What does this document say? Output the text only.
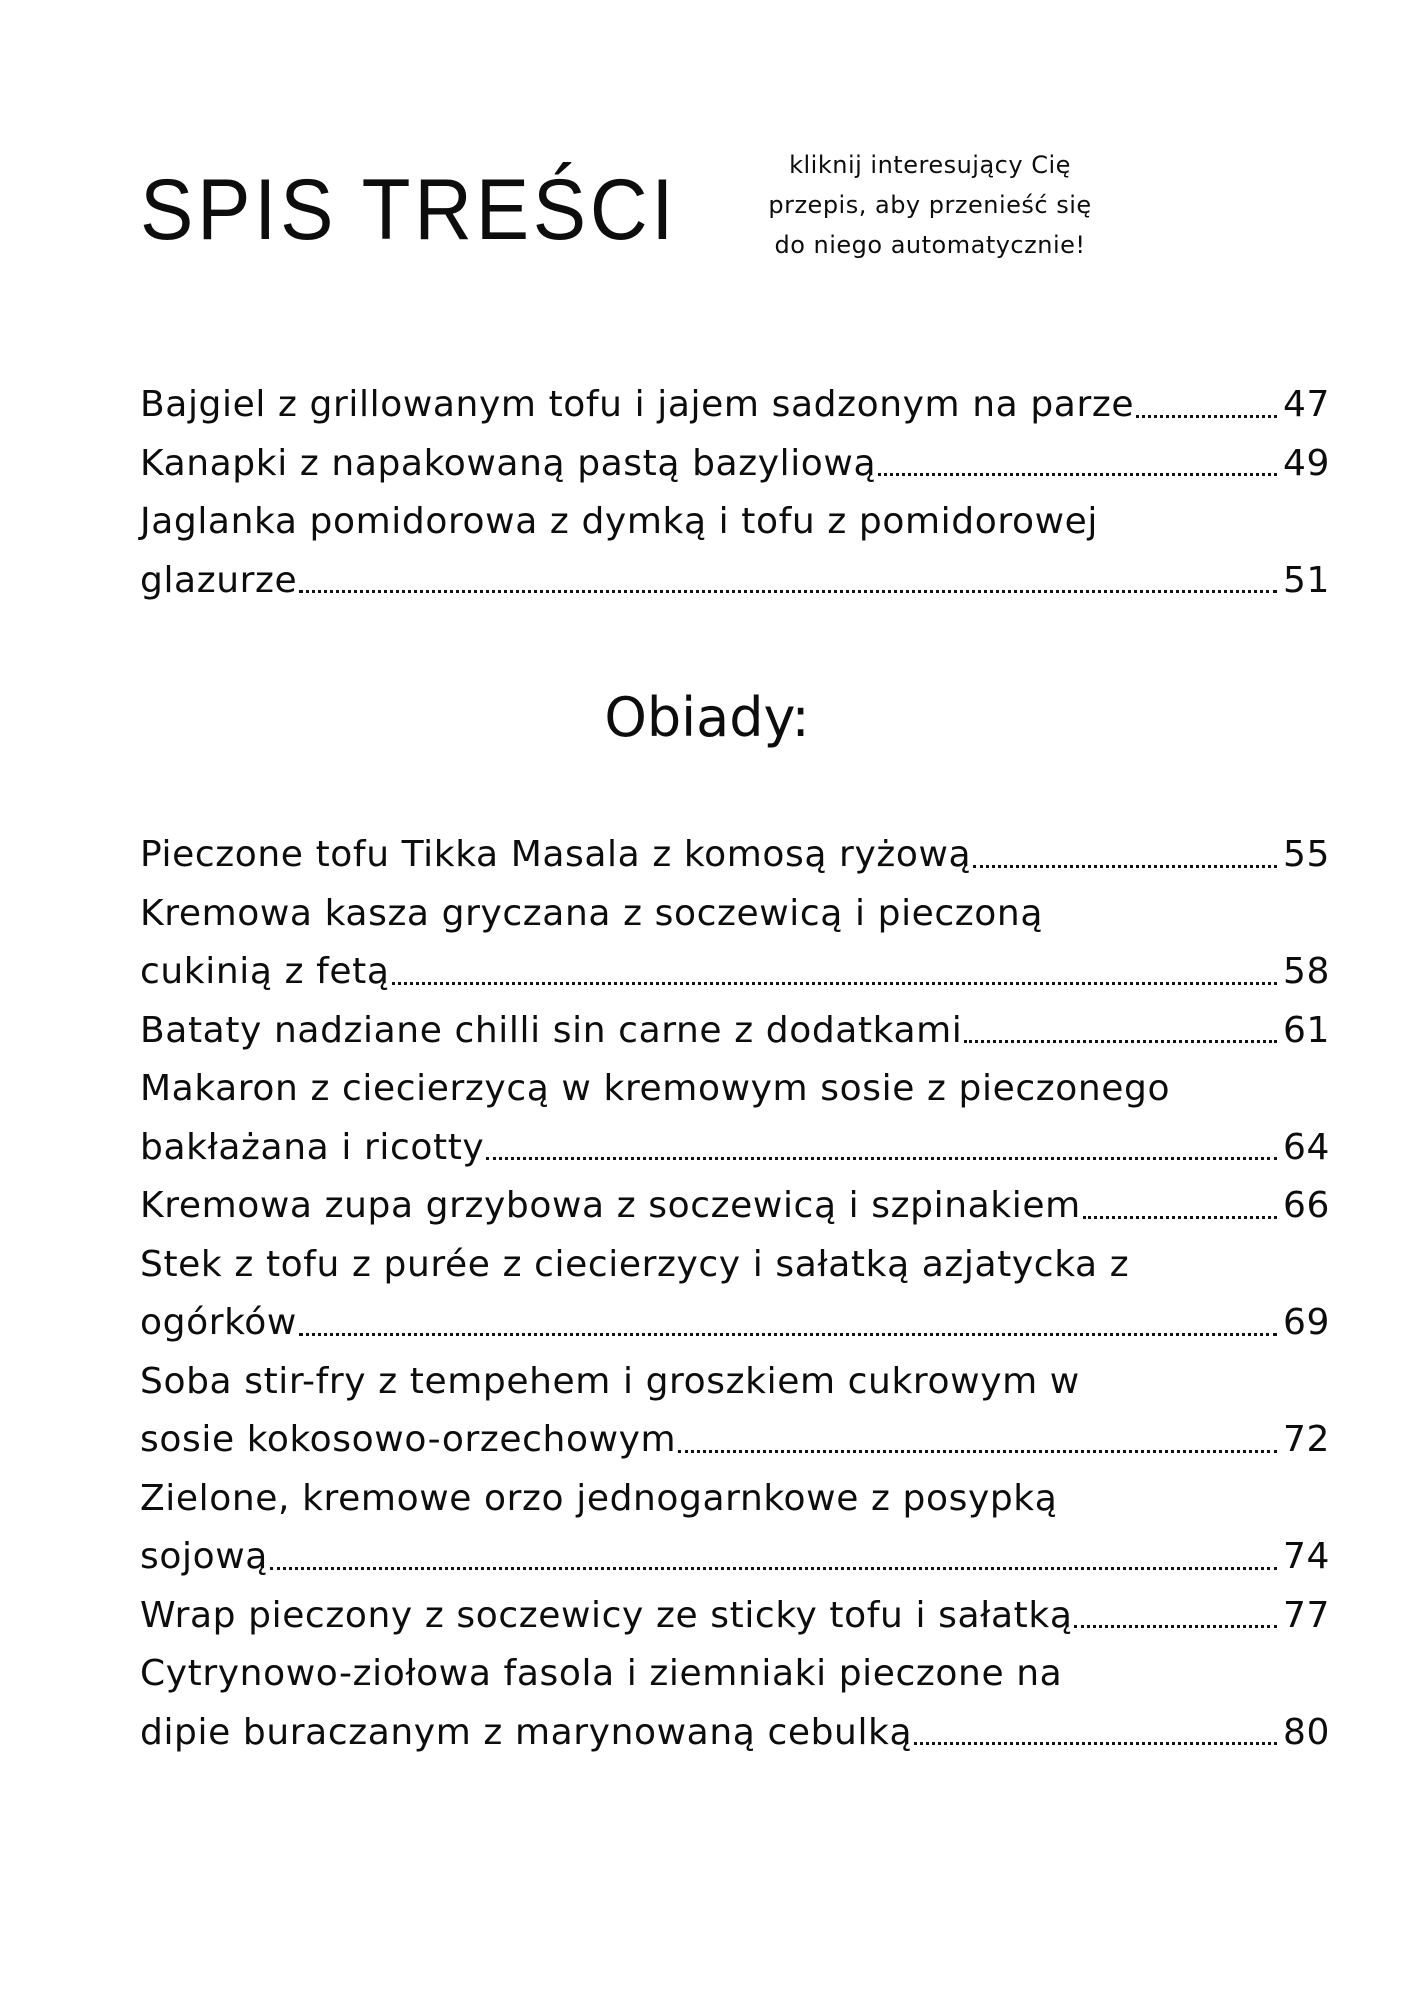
SPIS TREŚCI	kliknij interesujący Cię
przepis, aby przenieść się
do niego automatycznie!
Bajgiel z grillowanym tofu i jajem sadzonym na parze	47
Kanapki z napakowaną pastą bazyliową	49
Jaglanka pomidorowa z dymką i tofu z pomidorowej
glazurze	51
Obiady:
Pieczone tofu Tikka Masala z komosą ryżową	55
Kremowa kasza gryczana z soczewicą i pieczoną
cukinią z fetą	58
Bataty nadziane chilli sin carne z dodatkami	61
Makaron z ciecierzycą w kremowym sosie z pieczonego
bakłażana i ricotty	64
Kremowa zupa grzybowa z soczewicą i szpinakiem	66
Stek z tofu z purée z ciecierzycy i sałatką azjatycka z
ogórków	69
Soba stir-fry z tempehem i groszkiem cukrowym w
sosie kokosowo-orzechowym	72
Zielone, kremowe orzo jednogarnkowe z posypką
sojową	74
Wrap pieczony z soczewicy ze sticky tofu i sałatką	77
Cytrynowo-ziołowa fasola i ziemniaki pieczone na
dipie buraczanym z marynowaną cebulką	80
